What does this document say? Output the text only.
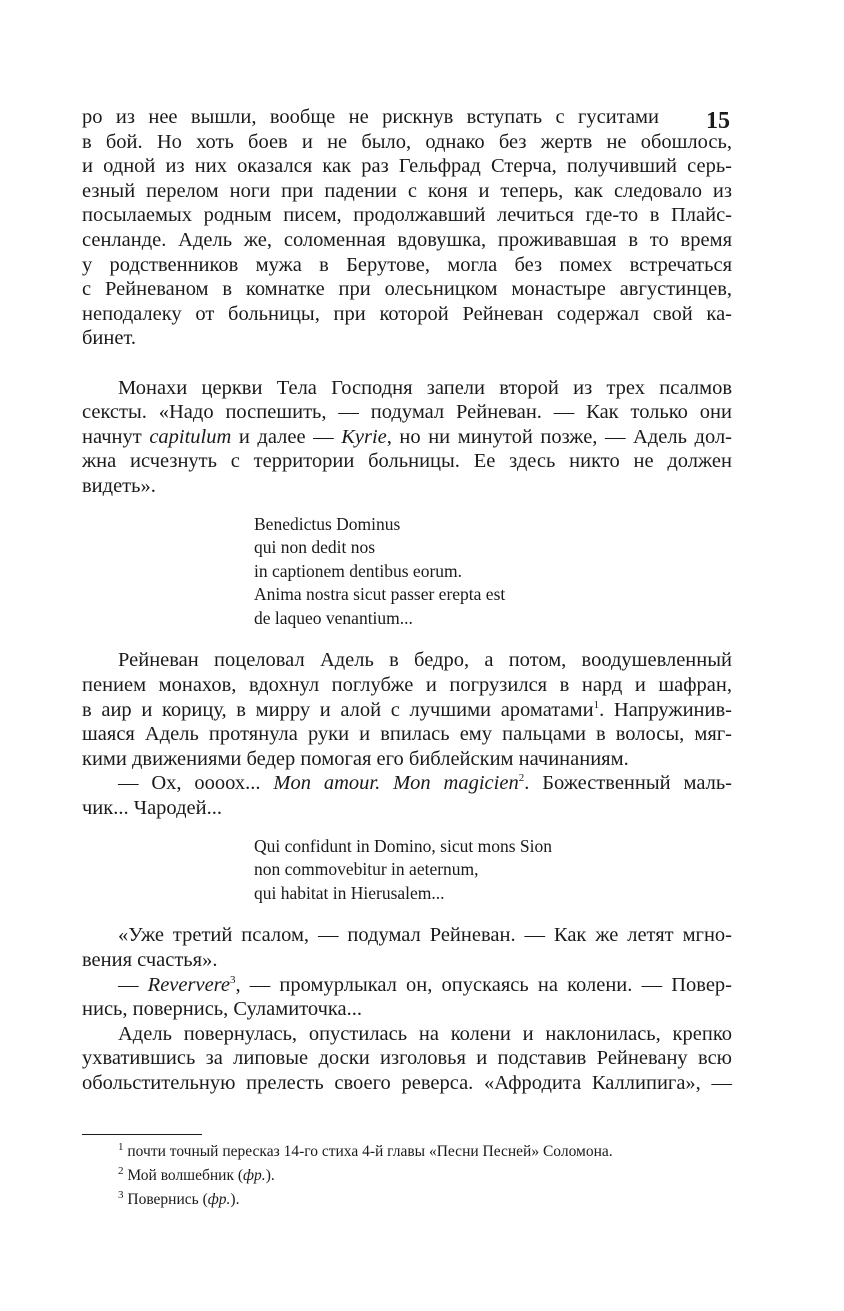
15
ро из нее вышли, вообще не рискнув вступать с гуситами
в бой. Но хоть боев и не было, однако без жертв не обошлось,
и одной из них оказался как раз Гельфрад Стерча, получивший серь-
езный перелом ноги при падении с коня и теперь, как следовало из
посылаемых родным писем, продолжавший лечиться где-то в Плайс-
сенланде. Адель же, соломенная вдовушка, проживавшая в то время
у родственников мужа в Берутове, могла без помех встречаться
с Рейневаном в комнатке при олесьницком монастыре августинцев,
неподалеку от больницы, при которой Рейневан содержал свой ка-
бинет.
Монахи церкви Тела Господня запели второй из трех псалмов
сексты. «Надо поспешить, — подумал Рейневан. — Как только они
начнут capitulum и далее — Kyrie, но ни минутой позже, — Адель дол-
жна исчезнуть с территории больницы. Ее здесь никто не должен
видеть».
Benedictus Dominus
qui non dedit nos
in captionem dentibus eorum.
Anima nostra sicut passer erepta est
de laqueo venantium...
Рейневан поцеловал Адель в бедро, а потом, воодушевленный
пением монахов, вдохнул поглубже и погрузился в нард и шафран,
в аир и корицу, в мирру и алой с лучшими ароматами$^1$. Напружинив-
шаяся Адель протянула руки и впилась ему пальцами в волосы, мяг-
кими движениями бедер помогая его библейским начинаниям.
— Ох, оооох... Mon amour. Mon magicien$^2$. Божественный маль-
чик... Чародей...
Qui confidunt in Domino, sicut mons Sion
non commovebitur in aeternum,
qui habitat in Hierusalem...
«Уже третий псалом, — подумал Рейневан. — Как же летят мгно-
вения счастья».
— Reververe$^3$, — промурлыкал он, опускаясь на колени. — Повер-
нись, повернись, Суламиточка...
Адель повернулась, опустилась на колени и наклонилась, крепко
ухватившись за липовые доски изголовья и подставив Рейневану всю
обольстительную прелесть своего реверса. «Афродита Каллипига», —
$^1$ почти точный пересказ 14-го стиха 4-й главы «Песни Песней» Соломона.
$^2$ Мой волшебник (фр.).
$^3$ Повернись (фр.).
